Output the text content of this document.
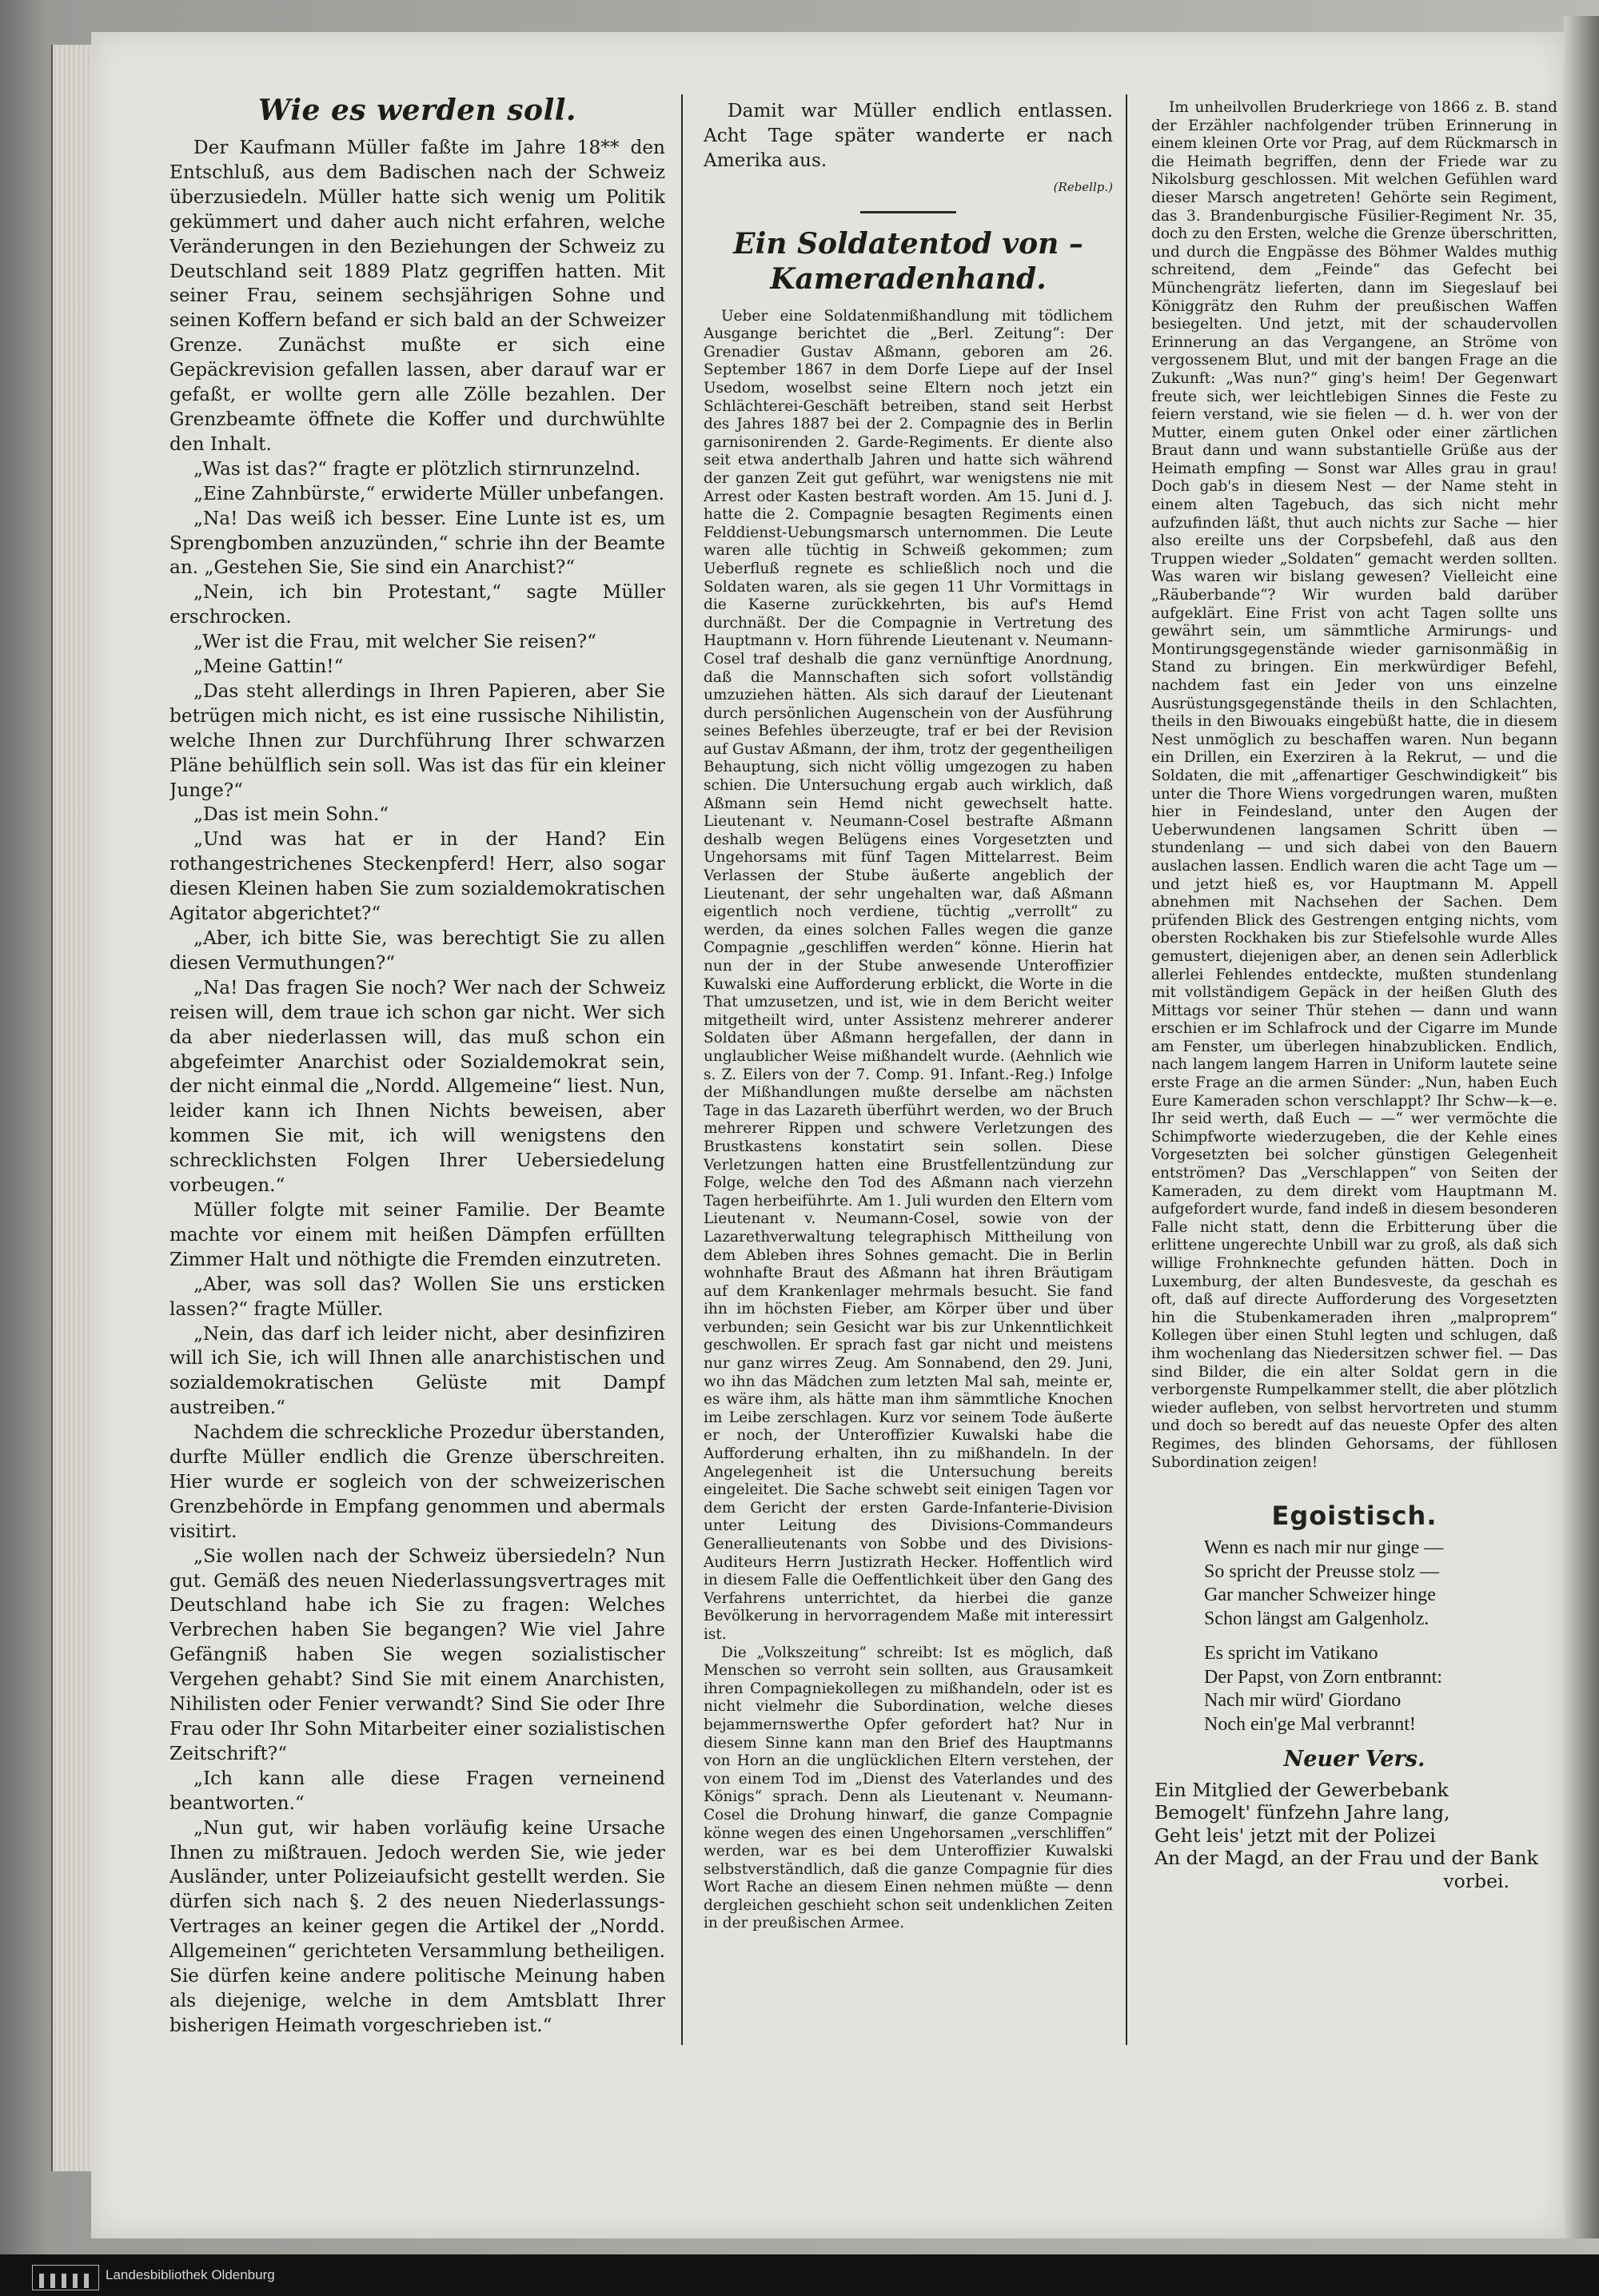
Wie es werden soll.

Der Kaufmann Müller faßte im Jahre 18** den Entschluß, aus dem Badischen nach der Schweiz überzusiedeln. Müller hatte sich wenig um Politik gekümmert und daher auch nicht erfahren, welche Veränderungen in den Beziehungen der Schweiz zu Deutschland seit 1889 Platz gegriffen hatten. Mit seiner Frau, seinem sechsjährigen Sohne und seinen Koffern befand er sich bald an der Schweizer Grenze. Zunächst mußte er sich eine Gepäckrevision gefallen lassen, aber darauf war er gefaßt, er wollte gern alle Zölle bezahlen. Der Grenzbeamte öffnete die Koffer und durchwühlte den Inhalt.

„Was ist das?“ fragte er plötzlich stirnrunzelnd.

„Eine Zahnbürste,“ erwiderte Müller unbefangen.

„Na! Das weiß ich besser. Eine Lunte ist es, um Sprengbomben anzuzünden,“ schrie ihn der Beamte an. „Gestehen Sie, Sie sind ein Anarchist?“

„Nein, ich bin Protestant,“ sagte Müller erschrocken.

„Wer ist die Frau, mit welcher Sie reisen?“

„Meine Gattin!“

„Das steht allerdings in Ihren Papieren, aber Sie betrügen mich nicht, es ist eine russische Nihilistin, welche Ihnen zur Durchführung Ihrer schwarzen Pläne behülflich sein soll. Was ist das für ein kleiner Junge?“

„Das ist mein Sohn.“

„Und was hat er in der Hand? Ein rothangestrichenes Steckenpferd! Herr, also sogar diesen Kleinen haben Sie zum sozialdemokratischen Agitator abgerichtet?“

„Aber, ich bitte Sie, was berechtigt Sie zu allen diesen Vermuthungen?“

„Na! Das fragen Sie noch? Wer nach der Schweiz reisen will, dem traue ich schon gar nicht. Wer sich da aber niederlassen will, das muß schon ein abgefeimter Anarchist oder Sozialdemokrat sein, der nicht einmal die „Nordd. Allgemeine“ liest. Nun, leider kann ich Ihnen Nichts beweisen, aber kommen Sie mit, ich will wenigstens den schrecklichsten Folgen Ihrer Uebersiedelung vorbeugen.“

Müller folgte mit seiner Familie. Der Beamte machte vor einem mit heißen Dämpfen erfüllten Zimmer Halt und nöthigte die Fremden einzutreten.

„Aber, was soll das? Wollen Sie uns ersticken lassen?“ fragte Müller.

„Nein, das darf ich leider nicht, aber desinfiziren will ich Sie, ich will Ihnen alle anarchistischen und sozialdemokratischen Gelüste mit Dampf austreiben.“

Nachdem die schreckliche Prozedur überstanden, durfte Müller endlich die Grenze überschreiten. Hier wurde er sogleich von der schweizerischen Grenzbehörde in Empfang genommen und abermals visitirt.

„Sie wollen nach der Schweiz übersiedeln? Nun gut. Gemäß des neuen Niederlassungsvertrages mit Deutschland habe ich Sie zu fragen: Welches Verbrechen haben Sie begangen? Wie viel Jahre Gefängniß haben Sie wegen sozialistischer Vergehen gehabt? Sind Sie mit einem Anarchisten, Nihilisten oder Fenier verwandt? Sind Sie oder Ihre Frau oder Ihr Sohn Mitarbeiter einer sozialistischen Zeitschrift?“

„Ich kann alle diese Fragen verneinend beantworten.“

„Nun gut, wir haben vorläufig keine Ursache Ihnen zu mißtrauen. Jedoch werden Sie, wie jeder Ausländer, unter Polizeiaufsicht gestellt werden. Sie dürfen sich nach §. 2 des neuen Niederlassungs-Vertrages an keiner gegen die Artikel der „Nordd. Allgemeinen“ gerichteten Versammlung betheiligen. Sie dürfen keine andere politische Meinung haben als diejenige, welche in dem Amtsblatt Ihrer bisherigen Heimath vorgeschrieben ist.“

Damit war Müller endlich entlassen. Acht Tage später wanderte er nach Amerika aus.

(Rebellp.)
Ein Soldatentod von – Kameradenhand.

Ueber eine Soldatenmißhandlung mit tödlichem Ausgange berichtet die „Berl. Zeitung“: Der Grenadier Gustav Aßmann, geboren am 26. September 1867 in dem Dorfe Liepe auf der Insel Usedom, woselbst seine Eltern noch jetzt ein Schlächterei-Geschäft betreiben, stand seit Herbst des Jahres 1887 bei der 2. Compagnie des in Berlin garnisonirenden 2. Garde-Regiments. Er diente also seit etwa anderthalb Jahren und hatte sich während der ganzen Zeit gut geführt, war wenigstens nie mit Arrest oder Kasten bestraft worden. Am 15. Juni d. J. hatte die 2. Compagnie besagten Regiments einen Felddienst-Uebungsmarsch unternommen. Die Leute waren alle tüchtig in Schweiß gekommen; zum Ueberfluß regnete es schließlich noch und die Soldaten waren, als sie gegen 11 Uhr Vormittags in die Kaserne zurückkehrten, bis auf's Hemd durchnäßt. Der die Compagnie in Vertretung des Hauptmann v. Horn führende Lieutenant v. Neumann-Cosel traf deshalb die ganz vernünftige Anordnung, daß die Mannschaften sich sofort vollständig umzuziehen hätten. Als sich darauf der Lieutenant durch persönlichen Augenschein von der Ausführung seines Befehles überzeugte, traf er bei der Revision auf Gustav Aßmann, der ihm, trotz der gegentheiligen Behauptung, sich nicht völlig umgezogen zu haben schien. Die Untersuchung ergab auch wirklich, daß Aßmann sein Hemd nicht gewechselt hatte. Lieutenant v. Neumann-Cosel bestrafte Aßmann deshalb wegen Belügens eines Vorgesetzten und Ungehorsams mit fünf Tagen Mittelarrest. Beim Verlassen der Stube äußerte angeblich der Lieutenant, der sehr ungehalten war, daß Aßmann eigentlich noch verdiene, tüchtig „verrollt“ zu werden, da eines solchen Falles wegen die ganze Compagnie „geschliffen werden“ könne. Hierin hat nun der in der Stube anwesende Unteroffizier Kuwalski eine Aufforderung erblickt, die Worte in die That umzusetzen, und ist, wie in dem Bericht weiter mitgetheilt wird, unter Assistenz mehrerer anderer Soldaten über Aßmann hergefallen, der dann in unglaublicher Weise mißhandelt wurde. (Aehnlich wie s. Z. Eilers von der 7. Comp. 91. Infant.-Reg.) Infolge der Mißhandlungen mußte derselbe am nächsten Tage in das Lazareth überführt werden, wo der Bruch mehrerer Rippen und schwere Verletzungen des Brustkastens konstatirt sein sollen. Diese Verletzungen hatten eine Brustfellentzündung zur Folge, welche den Tod des Aßmann nach vierzehn Tagen herbeiführte. Am 1. Juli wurden den Eltern vom Lieutenant v. Neumann-Cosel, sowie von der Lazarethverwaltung telegraphisch Mittheilung von dem Ableben ihres Sohnes gemacht. Die in Berlin wohnhafte Braut des Aßmann hat ihren Bräutigam auf dem Krankenlager mehrmals besucht. Sie fand ihn im höchsten Fieber, am Körper über und über verbunden; sein Gesicht war bis zur Unkenntlichkeit geschwollen. Er sprach fast gar nicht und meistens nur ganz wirres Zeug. Am Sonnabend, den 29. Juni, wo ihn das Mädchen zum letzten Mal sah, meinte er, es wäre ihm, als hätte man ihm sämmtliche Knochen im Leibe zerschlagen. Kurz vor seinem Tode äußerte er noch, der Unteroffizier Kuwalski habe die Aufforderung erhalten, ihn zu mißhandeln. In der Angelegenheit ist die Untersuchung bereits eingeleitet. Die Sache schwebt seit einigen Tagen vor dem Gericht der ersten Garde-Infanterie-Division unter Leitung des Divisions-Commandeurs Generallieutenants von Sobbe und des Divisions-Auditeurs Herrn Justizrath Hecker. Hoffentlich wird in diesem Falle die Oeffentlichkeit über den Gang des Verfahrens unterrichtet, da hierbei die ganze Bevölkerung in hervorragendem Maße mit interessirt ist.

Die „Volkszeitung“ schreibt: Ist es möglich, daß Menschen so verroht sein sollten, aus Grausamkeit ihren Compagniekollegen zu mißhandeln, oder ist es nicht vielmehr die Subordination, welche dieses bejammernswerthe Opfer gefordert hat? Nur in diesem Sinne kann man den Brief des Hauptmanns von Horn an die unglücklichen Eltern verstehen, der von einem Tod im „Dienst des Vaterlandes und des Königs“ sprach. Denn als Lieutenant v. Neumann-Cosel die Drohung hinwarf, die ganze Compagnie könne wegen des einen Ungehorsamen „verschliffen“ werden, war es bei dem Unteroffizier Kuwalski selbstverständlich, daß die ganze Compagnie für dies Wort Rache an diesem Einen nehmen müßte — denn dergleichen geschieht schon seit undenklichen Zeiten in der preußischen Armee.

Im unheilvollen Bruderkriege von 1866 z. B. stand der Erzähler nachfolgender trüben Erinnerung in einem kleinen Orte vor Prag, auf dem Rückmarsch in die Heimath begriffen, denn der Friede war zu Nikolsburg geschlossen. Mit welchen Gefühlen ward dieser Marsch angetreten! Gehörte sein Regiment, das 3. Brandenburgische Füsilier-Regiment Nr. 35, doch zu den Ersten, welche die Grenze überschritten, und durch die Engpässe des Böhmer Waldes muthig schreitend, dem „Feinde“ das Gefecht bei Münchengrätz lieferten, dann im Siegeslauf bei Königgrätz den Ruhm der preußischen Waffen besiegelten. Und jetzt, mit der schaudervollen Erinnerung an das Vergangene, an Ströme von vergossenem Blut, und mit der bangen Frage an die Zukunft: „Was nun?“ ging's heim! Der Gegenwart freute sich, wer leichtlebigen Sinnes die Feste zu feiern verstand, wie sie fielen — d. h. wer von der Mutter, einem guten Onkel oder einer zärtlichen Braut dann und wann substantielle Grüße aus der Heimath empfing — Sonst war Alles grau in grau! Doch gab's in diesem Nest — der Name steht in einem alten Tagebuch, das sich nicht mehr aufzufinden läßt, thut auch nichts zur Sache — hier also ereilte uns der Corpsbefehl, daß aus den Truppen wieder „Soldaten“ gemacht werden sollten. Was waren wir bislang gewesen? Vielleicht eine „Räuberbande“? Wir wurden bald darüber aufgeklärt. Eine Frist von acht Tagen sollte uns gewährt sein, um sämmtliche Armirungs- und Montirungsgegenstände wieder garnisonmäßig in Stand zu bringen. Ein merkwürdiger Befehl, nachdem fast ein Jeder von uns einzelne Ausrüstungsgegenstände theils in den Schlachten, theils in den Biwouaks eingebüßt hatte, die in diesem Nest unmöglich zu beschaffen waren. Nun begann ein Drillen, ein Exerziren à la Rekrut, — und die Soldaten, die mit „affenartiger Geschwindigkeit“ bis unter die Thore Wiens vorgedrungen waren, mußten hier in Feindesland, unter den Augen der Ueberwundenen langsamen Schritt üben — stundenlang — und sich dabei von den Bauern auslachen lassen. Endlich waren die acht Tage um — und jetzt hieß es, vor Hauptmann M. Appell abnehmen mit Nachsehen der Sachen. Dem prüfenden Blick des Gestrengen entging nichts, vom obersten Rockhaken bis zur Stiefelsohle wurde Alles gemustert, diejenigen aber, an denen sein Adlerblick allerlei Fehlendes entdeckte, mußten stundenlang mit vollständigem Gepäck in der heißen Gluth des Mittags vor seiner Thür stehen — dann und wann erschien er im Schlafrock und der Cigarre im Munde am Fenster, um überlegen hinabzublicken. Endlich, nach langem langem Harren in Uniform lautete seine erste Frage an die armen Sünder: „Nun, haben Euch Eure Kameraden schon verschlappt? Ihr Schw—k—e. Ihr seid werth, daß Euch — —“ wer vermöchte die Schimpfworte wiederzugeben, die der Kehle eines Vorgesetzten bei solcher günstigen Gelegenheit entströmen? Das „Verschlappen“ von Seiten der Kameraden, zu dem direkt vom Hauptmann M. aufgefordert wurde, fand indeß in diesem besonderen Falle nicht statt, denn die Erbitterung über die erlittene ungerechte Unbill war zu groß, als daß sich willige Frohnknechte gefunden hätten. Doch in Luxemburg, der alten Bundesveste, da geschah es oft, daß auf directe Aufforderung des Vorgesetzten hin die Stubenkameraden ihren „malproprem“ Kollegen über einen Stuhl legten und schlugen, daß ihm wochenlang das Niedersitzen schwer fiel. — Das sind Bilder, die ein alter Soldat gern in die verborgenste Rumpelkammer stellt, die aber plötzlich wieder aufleben, von selbst hervortreten und stumm und doch so beredt auf das neueste Opfer des alten Regimes, des blinden Gehorsams, der fühllosen Subordination zeigen!

Egoistisch.
Wenn es nach mir nur ginge —
So spricht der Preusse stolz —
Gar mancher Schweizer hinge
Schon längst am Galgenholz.
Es spricht im Vatikano
Der Papst, von Zorn entbrannt:
Nach mir würd' Giordano
Noch ein'ge Mal verbrannt!
Neuer Vers.
Ein Mitglied der Gewerbebank
Bemogelt' fünfzehn Jahre lang,
Geht leis' jetzt mit der Polizei
An der Magd, an der Frau und der Bank
vorbei.
Landesbibliothek Oldenburg
